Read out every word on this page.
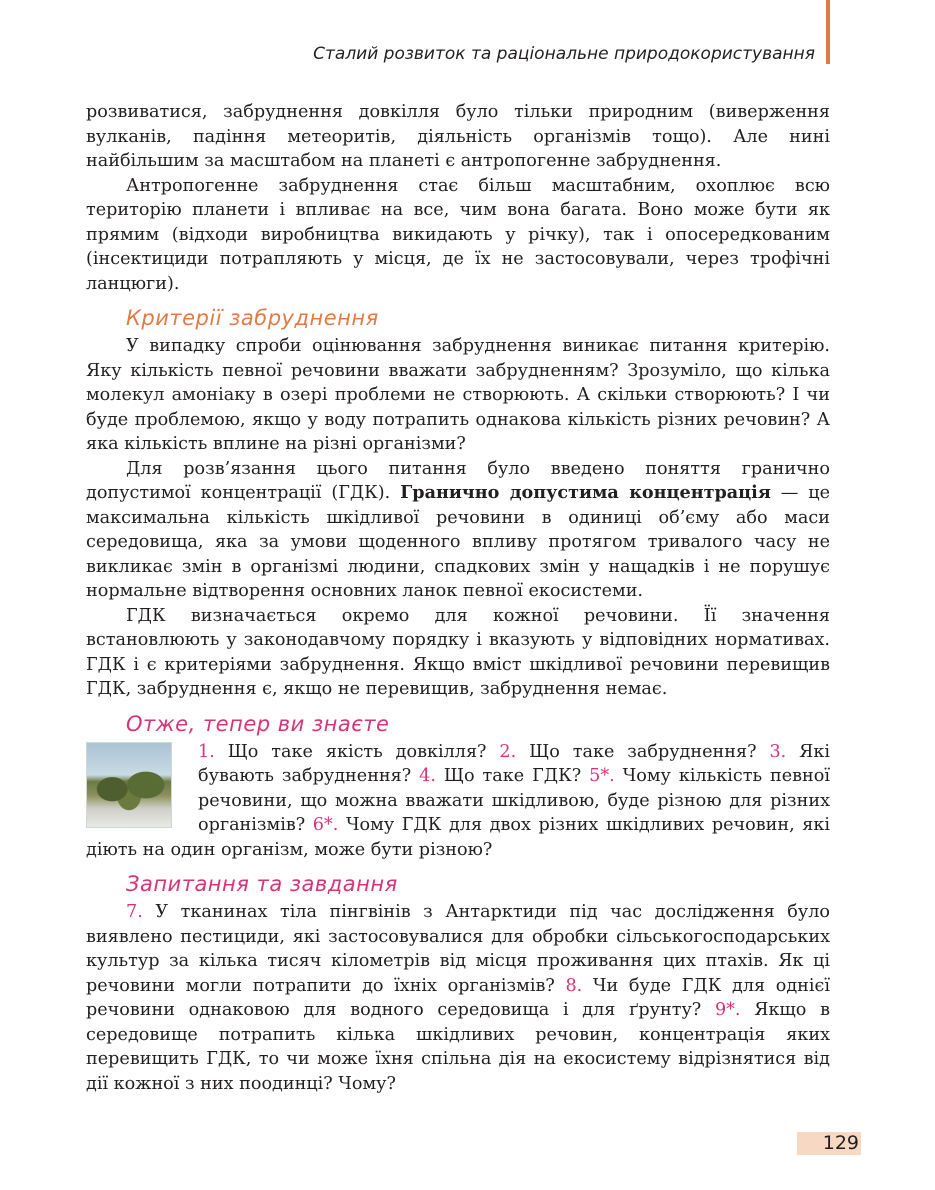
Сталий розвиток та раціональне природокористування

розвиватися, забруднення довкілля було тільки природним (виверження вулканів, падіння метеоритів, діяльність організмів тощо). Але нині найбільшим за масштабом на планеті є антропогенне забруднення.

Антропогенне забруднення стає більш масштабним, охоплює всю територію планети і впливає на все, чим вона багата. Воно може бути як прямим (відходи виробництва викидають у річку), так і опосередкованим (інсектициди потрапляють у місця, де їх не застосовували, через трофічні ланцюги).

Критерії забруднення

У випадку спроби оцінювання забруднення виникає питання критерію. Яку кількість певної речовини вважати забрудненням? Зрозуміло, що кілька молекул амоніаку в озері проблеми не створюють. А скільки створюють? І чи буде проблемою, якщо у воду потрапить однакова кількість різних речовин? А яка кількість вплине на різні організми?

Для розв’язання цього питання було введено поняття гранично допустимої концентрації (ГДК). Гранично допустима концентрація — це максимальна кількість шкідливої речовини в одиниці об’єму або маси середовища, яка за умови щоденного впливу протягом тривалого часу не викликає змін в організмі людини, спадкових змін у нащадків і не порушує нормальне відтворення основних ланок певної екосистеми.

ГДК визначається окремо для кожної речовини. Її значення встановлюють у законодавчому порядку і вказують у відповідних нормативах. ГДК і є критеріями забруднення. Якщо вміст шкідливої речовини перевищив ГДК, забруднення є, якщо не перевищив, забруднення немає.

Отже, тепер ви знаєте

1. Що таке якість довкілля? 2. Що таке забруднення? 3. Які бувають забруднення? 4. Що таке ГДК? 5*. Чому кількість певної речовини, що можна вважати шкідливою, буде різною для різних організмів? 6*. Чому ГДК для двох різних шкідливих речовин, які діють на один організм, може бути різною?

Запитання та завдання

7. У тканинах тіла пінгвінів з Антарктиди під час дослідження було виявлено пестициди, які застосовувалися для обробки сільськогосподарських культур за кілька тисяч кілометрів від місця проживання цих птахів. Як ці речовини могли потрапити до їхніх організмів? 8. Чи буде ГДК для однієї речовини однаковою для водного середовища і для ґрунту? 9*. Якщо в середовище потрапить кілька шкідливих речовин, концентрація яких перевищить ГДК, то чи може їхня спільна дія на екосистему відрізнятися від дії кожної з них поодинці? Чому?

129
